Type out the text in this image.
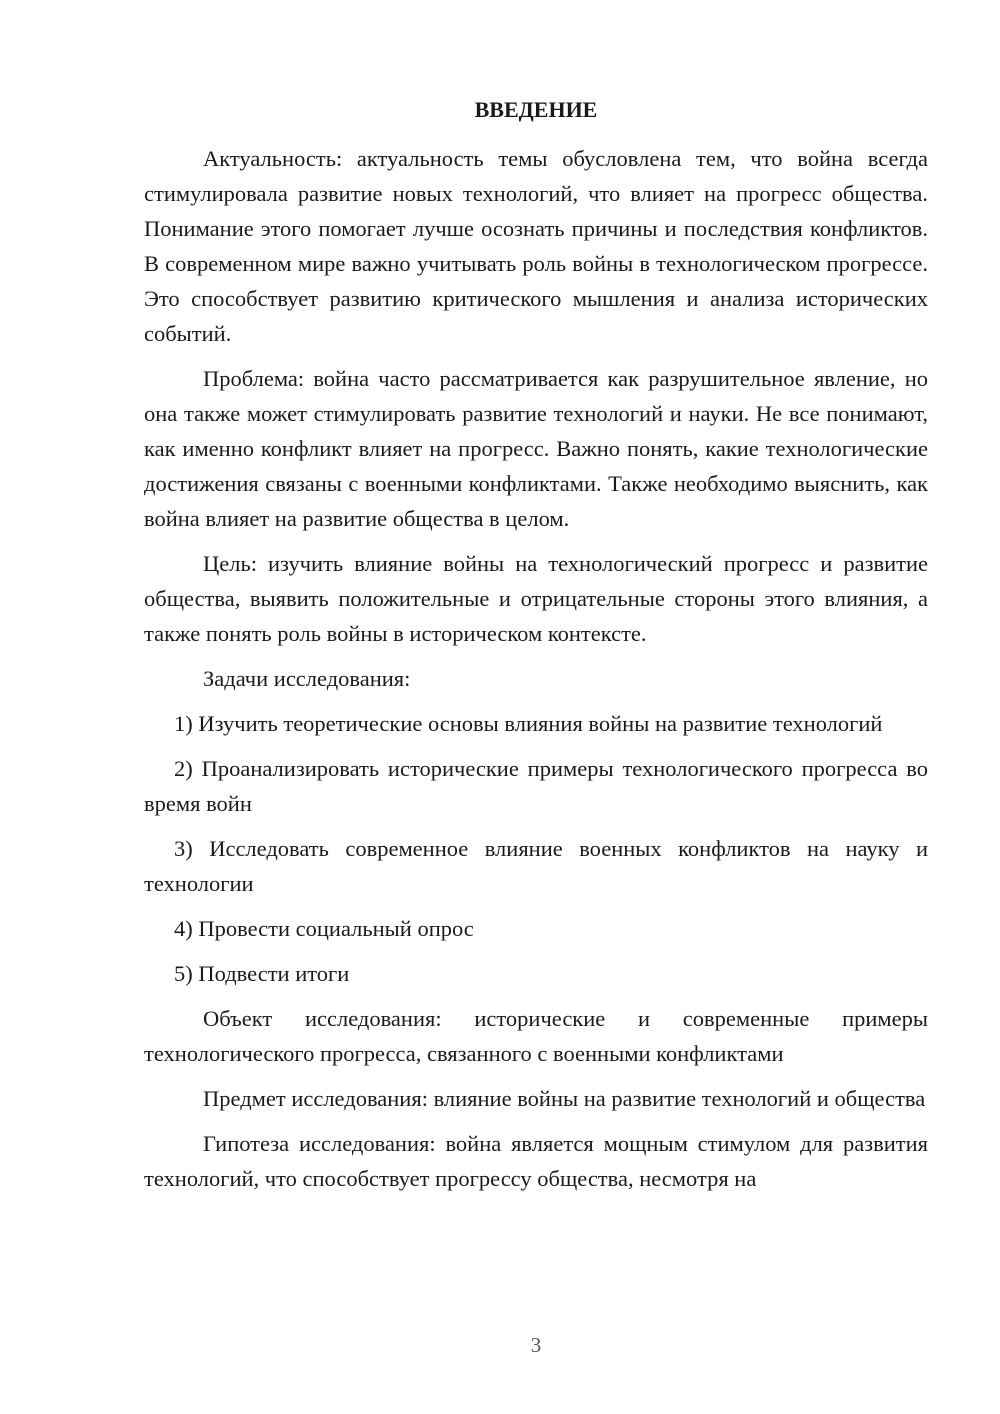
ВВЕДЕНИЕ

Актуальность: актуальность темы обусловлена тем, что война всегда стимулировала развитие новых технологий, что влияет на прогресс общества. Понимание этого помогает лучше осознать причины и последствия конфликтов. В современном мире важно учитывать роль войны в технологическом прогрессе. Это способствует развитию критического мышления и анализа исторических событий.

Проблема: война часто рассматривается как разрушительное явление, но она также может стимулировать развитие технологий и науки. Не все понимают, как именно конфликт влияет на прогресс. Важно понять, какие технологические достижения связаны с военными конфликтами. Также необходимо выяснить, как война влияет на развитие общества в целом.

Цель: изучить влияние войны на технологический прогресс и развитие общества, выявить положительные и отрицательные стороны этого влияния, а также понять роль войны в историческом контексте.

Задачи исследования:

1) Изучить теоретические основы влияния войны на развитие технологий

2) Проанализировать исторические примеры технологического прогресса во время войн

3) Исследовать современное влияние военных конфликтов на науку и технологии

4) Провести социальный опрос

5) Подвести итоги

Объект исследования: исторические и современные примеры технологического прогресса, связанного с военными конфликтами

Предмет исследования: влияние войны на развитие технологий и общества

Гипотеза исследования: война является мощным стимулом для развития технологий, что способствует прогрессу общества, несмотря на

3
